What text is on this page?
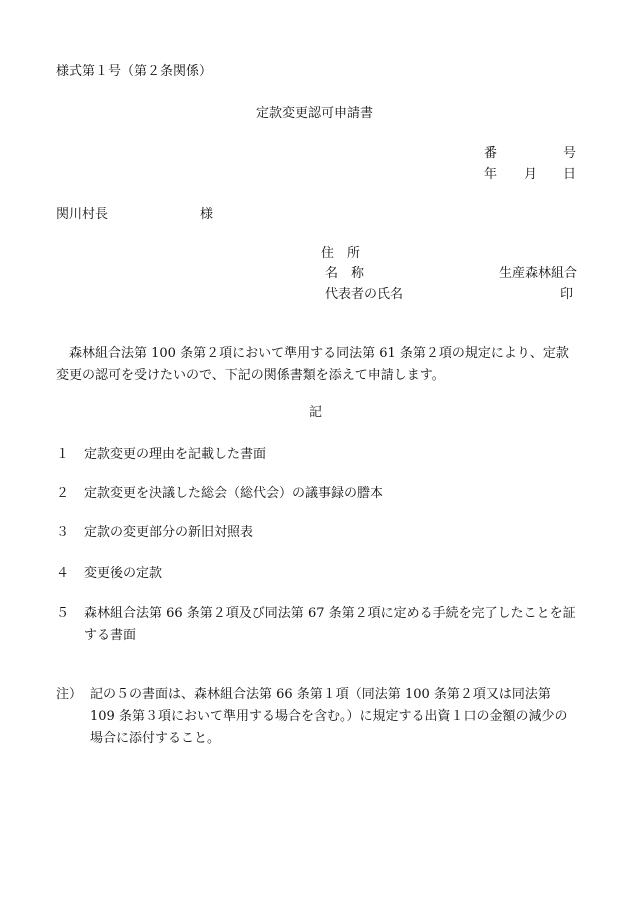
様式第１号（第２条関係）
定款変更認可申請書
番	号
年 月 日
関川村長	様
住　所
名　称	生産森林組合
代表者の氏名	印
　森林組合法第 100 条第２項において準用する同法第 61 条第２項の規定により、定款変更の認可を受けたいので、下記の関係書類を添えて申請します。
記
１	定款変更の理由を記載した書面
２	定款変更を決議した総会（総代会）の議事録の謄本
３	定款の変更部分の新旧対照表
４	変更後の定款
５	森林組合法第 66 条第２項及び同法第 67 条第２項に定める手続を完了したことを証する書面
注） 記の５の書面は、森林組合法第 66 条第１項（同法第 100 条第２項又は同法第 109 条第３項において準用する場合を含む。）に規定する出資１口の金額の減少の場合に添付すること。
